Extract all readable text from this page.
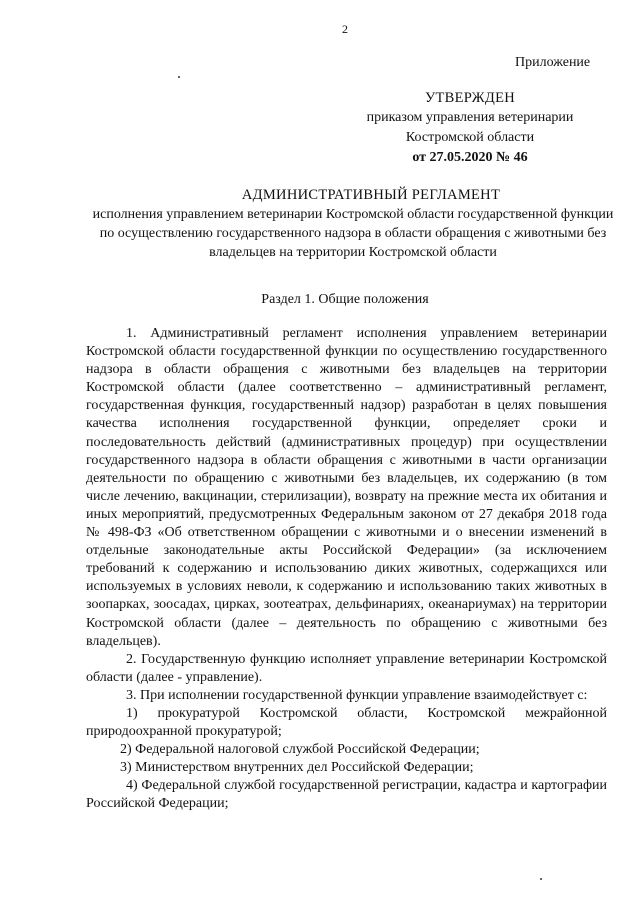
2
Приложение
УТВЕРЖДЕН
приказом управления ветеринарии
Костромской области
от 27.05.2020 № 46
АДМИНИСТРАТИВНЫЙ РЕГЛАМЕНТ
исполнения управлением ветеринарии Костромской области государственной функции по осуществлению государственного надзора в области обращения с животными без владельцев на территории Костромской области
Раздел 1. Общие положения

1. Административный регламент исполнения управлением ветеринарии Костромской области государственной функции по осуществлению государственного надзора в области обращения с животными без владельцев на территории Костромской области (далее соответственно – административный регламент, государственная функция, государственный надзор) разработан в целях повышения качества исполнения государственной функции, определяет сроки и последовательность действий (административных процедур) при осуществлении государственного надзора в области обращения с животными в части организации деятельности по обращению с животными без владельцев, их содержанию (в том числе лечению, вакцинации, стерилизации), возврату на прежние места их обитания и иных мероприятий, предусмотренных Федеральным законом от 27 декабря 2018 года № 498-ФЗ «Об ответственном обращении с животными и о внесении изменений в отдельные законодательные акты Российской Федерации» (за исключением требований к содержанию и использованию диких животных, содержащихся или используемых в условиях неволи, к содержанию и использованию таких животных в зоопарках, зоосадах, цирках, зоотеатрах, дельфинариях, океанариумах) на территории Костромской области (далее – деятельность по обращению с животными без владельцев).

2. Государственную функцию исполняет управление ветеринарии Костромской области (далее - управление).

3. При исполнении государственной функции управление взаимодействует с:

1) прокуратурой Костромской области, Костромской межрайонной природоохранной прокуратурой;

2) Федеральной налоговой службой Российской Федерации;

3) Министерством внутренних дел Российской Федерации;

4) Федеральной службой государственной регистрации, кадастра и картографии Российской Федерации;
